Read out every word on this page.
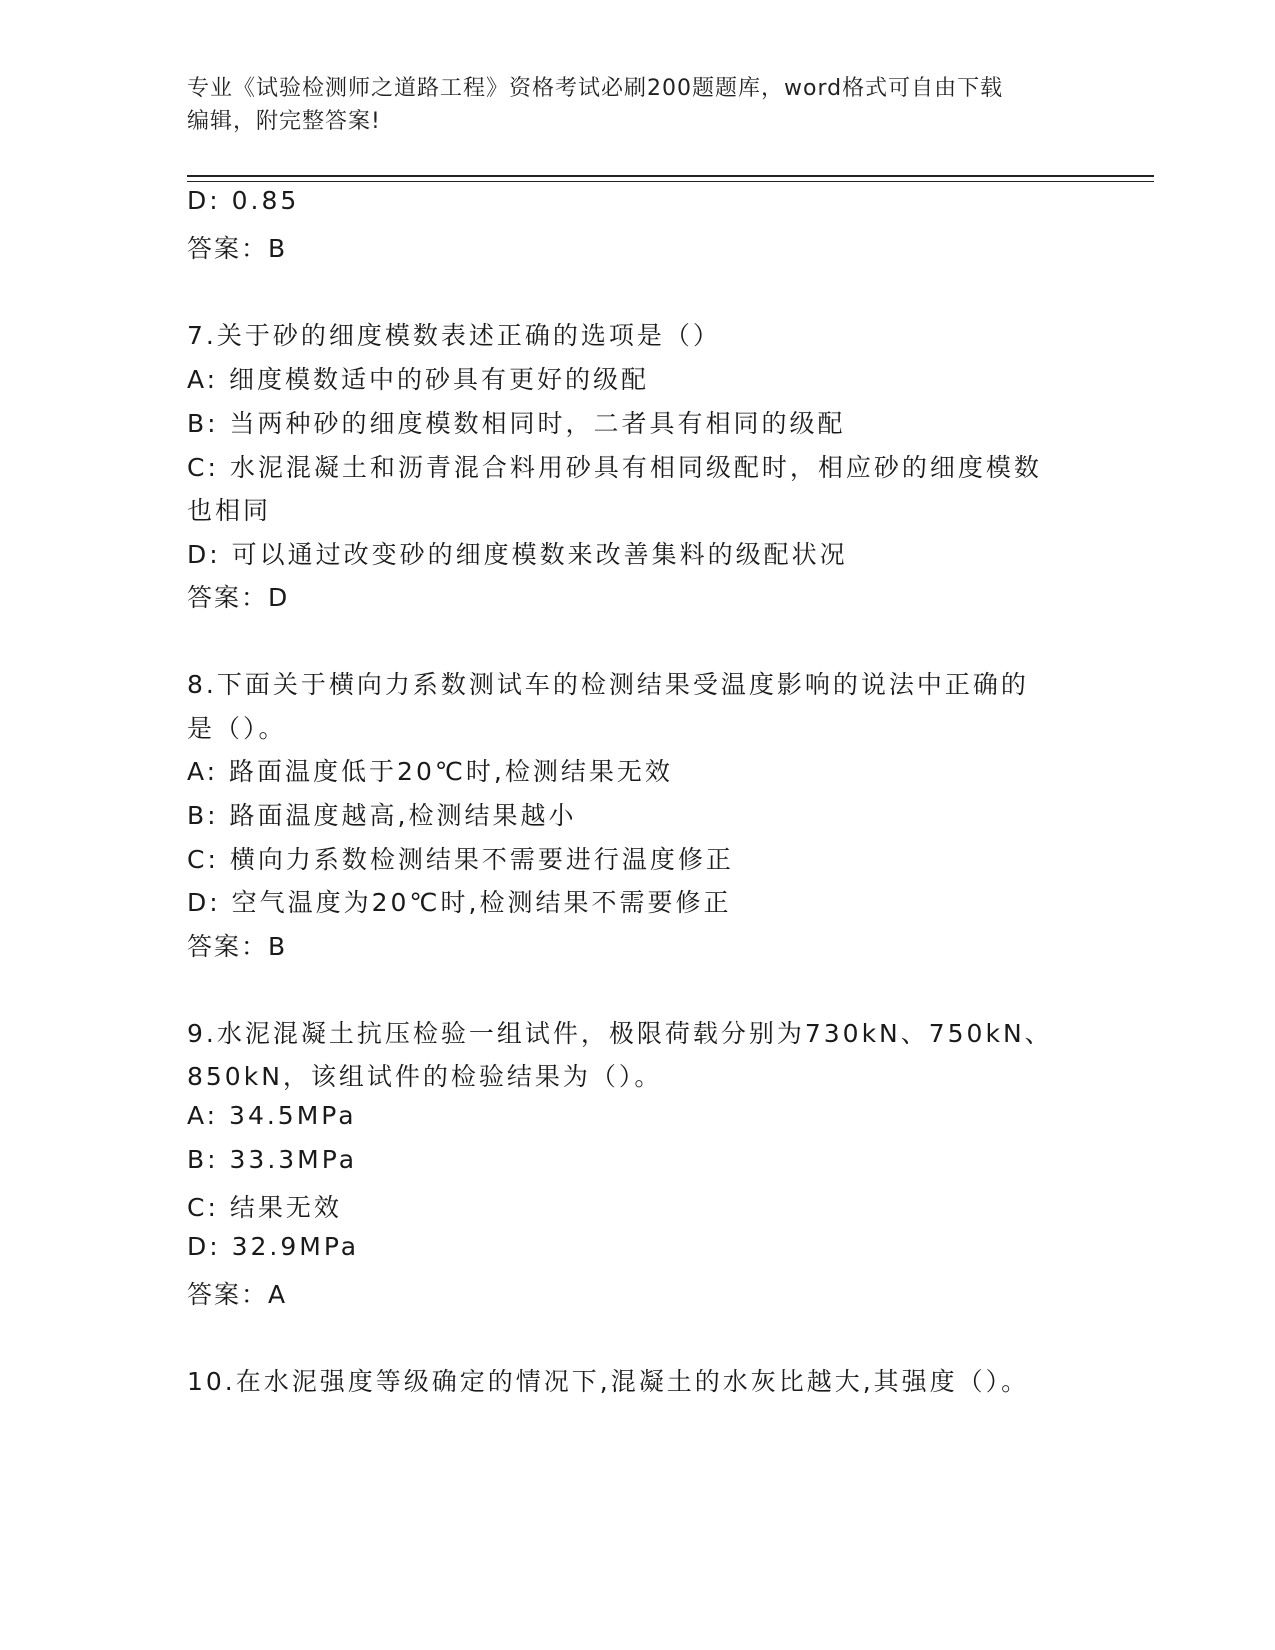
专业《试验检测师之道路工程》资格考试必刷200题题库，word格式可自由下载
编辑，附完整答案!
D: 0.85
答案：B
7.关于砂的细度模数表述正确的选项是（）
A: 细度模数适中的砂具有更好的级配
B: 当两种砂的细度模数相同时，二者具有相同的级配
C: 水泥混凝土和沥青混合料用砂具有相同级配时，相应砂的细度模数
也相同
D: 可以通过改变砂的细度模数来改善集料的级配状况
答案：D
8.下面关于横向力系数测试车的检测结果受温度影响的说法中正确的
是（）。
A: 路面温度低于20℃时,检测结果无效
B: 路面温度越高,检测结果越小
C: 横向力系数检测结果不需要进行温度修正
D: 空气温度为20℃时,检测结果不需要修正
答案：B
9.水泥混凝土抗压检验一组试件，极限荷载分别为730kN、750kN、
850kN，该组试件的检验结果为（）。
A: 34.5MPa
B: 33.3MPa
C: 结果无效
D: 32.9MPa
答案：A
10.在水泥强度等级确定的情况下,混凝土的水灰比越大,其强度（）。
